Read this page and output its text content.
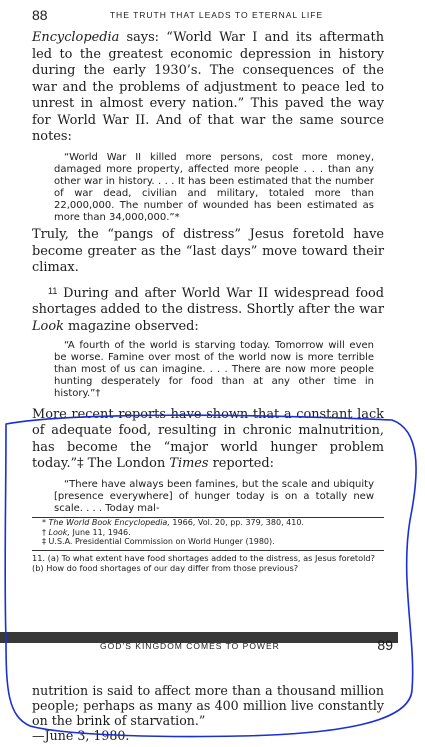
88	THE TRUTH THAT LEADS TO ETERNAL LIFE

Encyclopedia says: “World War I and its aftermath led to the greatest economic depression in history during the early 1930’s. The consequences of the war and the problems of adjustment to peace led to unrest in almost every nation.” This paved the way for World War II. And of that war the same source notes:

“World War II killed more persons, cost more money, damaged more property, affected more people . . . than any other war in history. . . . It has been estimated that the number of war dead, civilian and military, totaled more than 22,000,000. The number of wounded has been estimated as more than 34,000,000.”*

Truly, the “pangs of distress” Jesus foretold have become greater as the “last days” move toward their climax.

$^{11}$ During and after World War II widespread food shortages added to the distress. Shortly after the war Look magazine observed:

“A fourth of the world is starving today. Tomorrow will even be worse. Famine over most of the world now is more terrible than most of us can imagine. . . . There are now more people hunting desperately for food than at any other time in history.”†

More recent reports have shown that a constant lack of adequate food, resulting in chronic malnutrition, has become the “major world hunger problem today.”‡ The London Times reported:

“There have always been famines, but the scale and ubiquity [presence everywhere] of hunger today is on a totally new scale. . . . Today mal-

* The World Book Encyclopedia, 1966, Vol. 20, pp. 379, 380, 410.

† Look, June 11, 1946.

‡ U.S.A. Presidential Commission on World Hunger (1980).

11. (a) To what extent have food shortages added to the distress, as Jesus foretold? (b) How do food shortages of our day differ from those previous?

GOD’S KINGDOM COMES TO POWER	89

nutrition is said to affect more than a thousand million people; perhaps as many as 400 million live constantly on the brink of starvation.”

—June 3, 1980.
